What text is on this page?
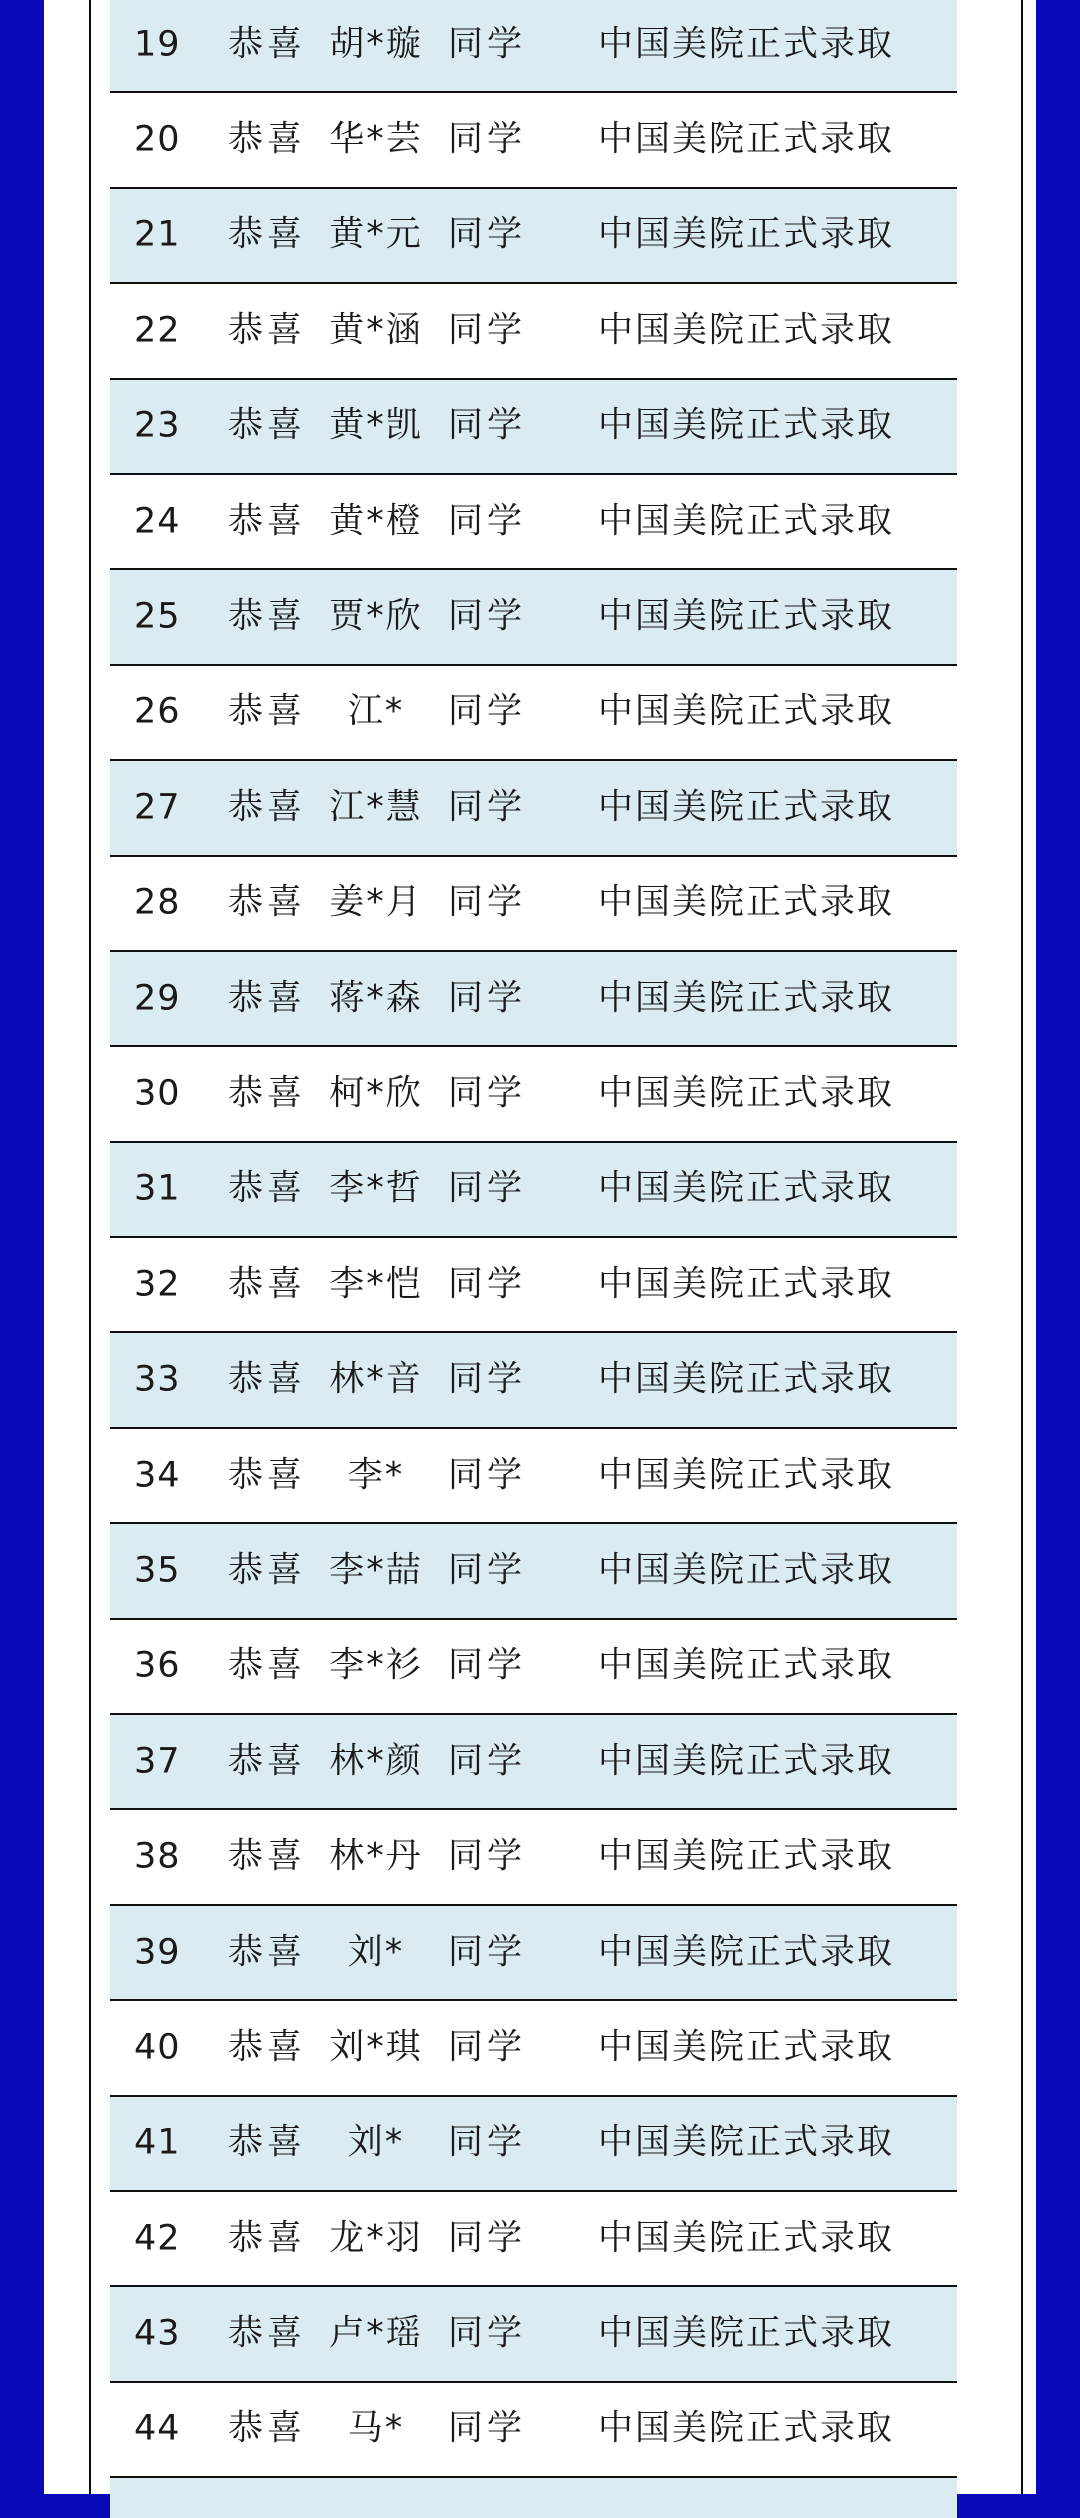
19 恭喜 胡*璇 同学 中国美院正式录取
20 恭喜 华*芸 同学 中国美院正式录取
21 恭喜 黄*元 同学 中国美院正式录取
22 恭喜 黄*涵 同学 中国美院正式录取
23 恭喜 黄*凯 同学 中国美院正式录取
24 恭喜 黄*橙 同学 中国美院正式录取
25 恭喜 贾*欣 同学 中国美院正式录取
26 恭喜	江*	同学 中国美院正式录取
27 恭喜 江*慧 同学 中国美院正式录取
28 恭喜 姜*月 同学 中国美院正式录取
29 恭喜 蒋*森 同学 中国美院正式录取
30 恭喜 柯*欣 同学 中国美院正式录取
31 恭喜 李*哲 同学 中国美院正式录取
32 恭喜 李*恺 同学 中国美院正式录取
33 恭喜 林*音 同学 中国美院正式录取
34 恭喜	李*	同学 中国美院正式录取
35 恭喜 李*喆 同学 中国美院正式录取
36 恭喜 李*衫 同学 中国美院正式录取
37 恭喜 林*颜 同学 中国美院正式录取
38 恭喜 林*丹 同学 中国美院正式录取
39 恭喜	刘*	同学 中国美院正式录取
40 恭喜 刘*琪 同学 中国美院正式录取
41 恭喜	刘*	同学 中国美院正式录取
42 恭喜 龙*羽 同学 中国美院正式录取
43 恭喜 卢*瑶 同学 中国美院正式录取
44 恭喜	马*	同学 中国美院正式录取
